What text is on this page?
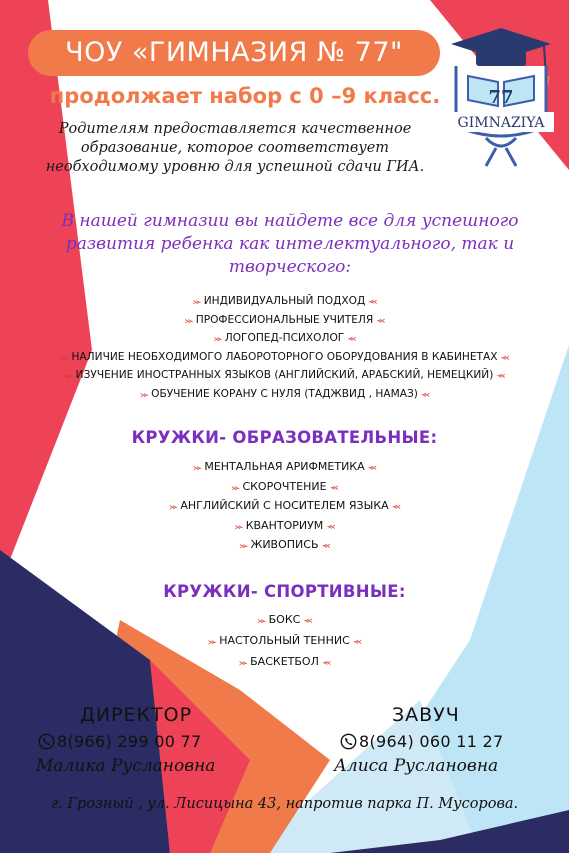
ЧОУ «ГИМНАЗИЯ № 77"
продолжает набор с 0 –9 класс.
Родителям предоставляется качественное образование, которое соответствует необходимому уровню для успешной сдачи ГИА.
77
GIMNAZIYA
В нашей гимназии вы найдете все для успешного развития ребенка как интелектуального, так и творческого:
⪼ ИНДИВИДУАЛЬНЫЙ ПОДХОД ⪻
⪼ ПРОФЕССИОНАЛЬНЫЕ УЧИТЕЛЯ ⪻
⪼ ЛОГОПЕД-ПСИХОЛОГ ⪻
⪼ НАЛИЧИЕ НЕОБХОДИМОГО ЛАБОРОТОРНОГО ОБОРУДОВАНИЯ В КАБИНЕТАХ ⪻
⪼ ИЗУЧЕНИЕ ИНОСТРАННЫХ ЯЗЫКОВ (АНГЛИЙСКИЙ, АРАБСКИЙ, НЕМЕЦКИЙ) ⪻
⪼ ОБУЧЕНИЕ КОРАНУ С НУЛЯ (ТАДЖВИД , НАМАЗ) ⪻
КРУЖКИ- ОБРАЗОВАТЕЛЬНЫЕ:
⪼ МЕНТАЛЬНАЯ АРИФМЕТИКА ⪻
⪼ СКОРОЧТЕНИЕ ⪻
⪼ АНГЛИЙСКИЙ С НОСИТЕЛЕМ ЯЗЫКА ⪻
⪼ КВАНТОРИУМ ⪻
⪼ ЖИВОПИСЬ ⪻
КРУЖКИ- СПОРТИВНЫЕ:
⪼ БОКС ⪻
⪼ НАСТОЛЬНЫЙ ТЕННИС ⪻
⪼ БАСКЕТБОЛ ⪻
ДИРЕКТОР
8(966) 299 00 77
Малика Руслановна
ЗАВУЧ
8(964) 060 11 27
Алиса Руслановна
г. Грозный , ул. Лисицына 43, напротив парка П. Мусорова.
